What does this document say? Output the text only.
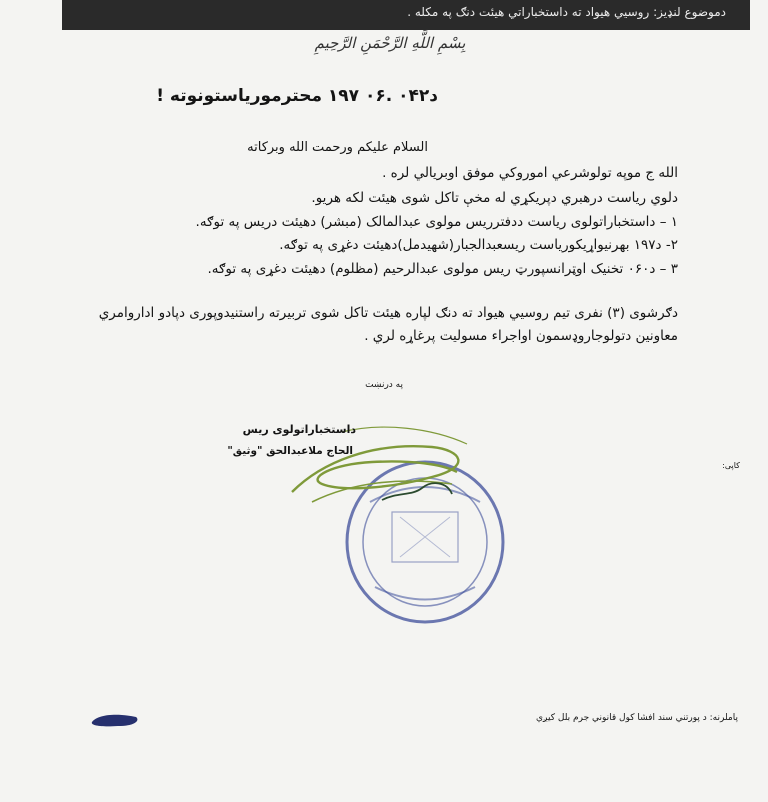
دموضوع لنډيز: روسيي هيواد ته داستخباراتي هيئت دنګ په مکله .
بِسْمِ اللَّهِ الرَّحْمَنِ الرَّحِيمِ
د۰۴۲ .۰۶ ۱۹۷ محترمورياستونوته !
السلام عليكم ورحمت الله وبركاته
الله ج موپه تولوشرعي اموروكي موفق اوبريالي لره .
دلوي رياست درهبري دپريکړي له مخې تاکل شوی هيئت لکه هريو.
۱ – داستخباراتولوی رياست ددفترريس مولوی عبدالمالک (مبشر) دهيئت دريس په توګه.
۲- د۱۹۷ بهرنيواړيکورياست ريسعبدالجبار(شهيدمل)دهيئت دغړی په توګه.
۳ – د۰۶۰ تخنيک اوټرانسپورټ ريس مولوی عبدالرحيم (مظلوم) دهيئت دغړی په توګه.
دګرشوی (۳) نفری تيم روسيي هيواد ته دنګ لپاره هيئت تاکل شوی تربيرته راستنيدوپوری دپادو اداروامري
معاونين دتولوجاروډسمون اواجراء مسوليت پرغاړه لري .
په درنښت
داستخباراتولوی ريس
الحاج ملاعبدالحق "وثيق"
کاپی:
پاملرنه: د پورتني سند افشا کول قانوني جرم بلل کيږي
